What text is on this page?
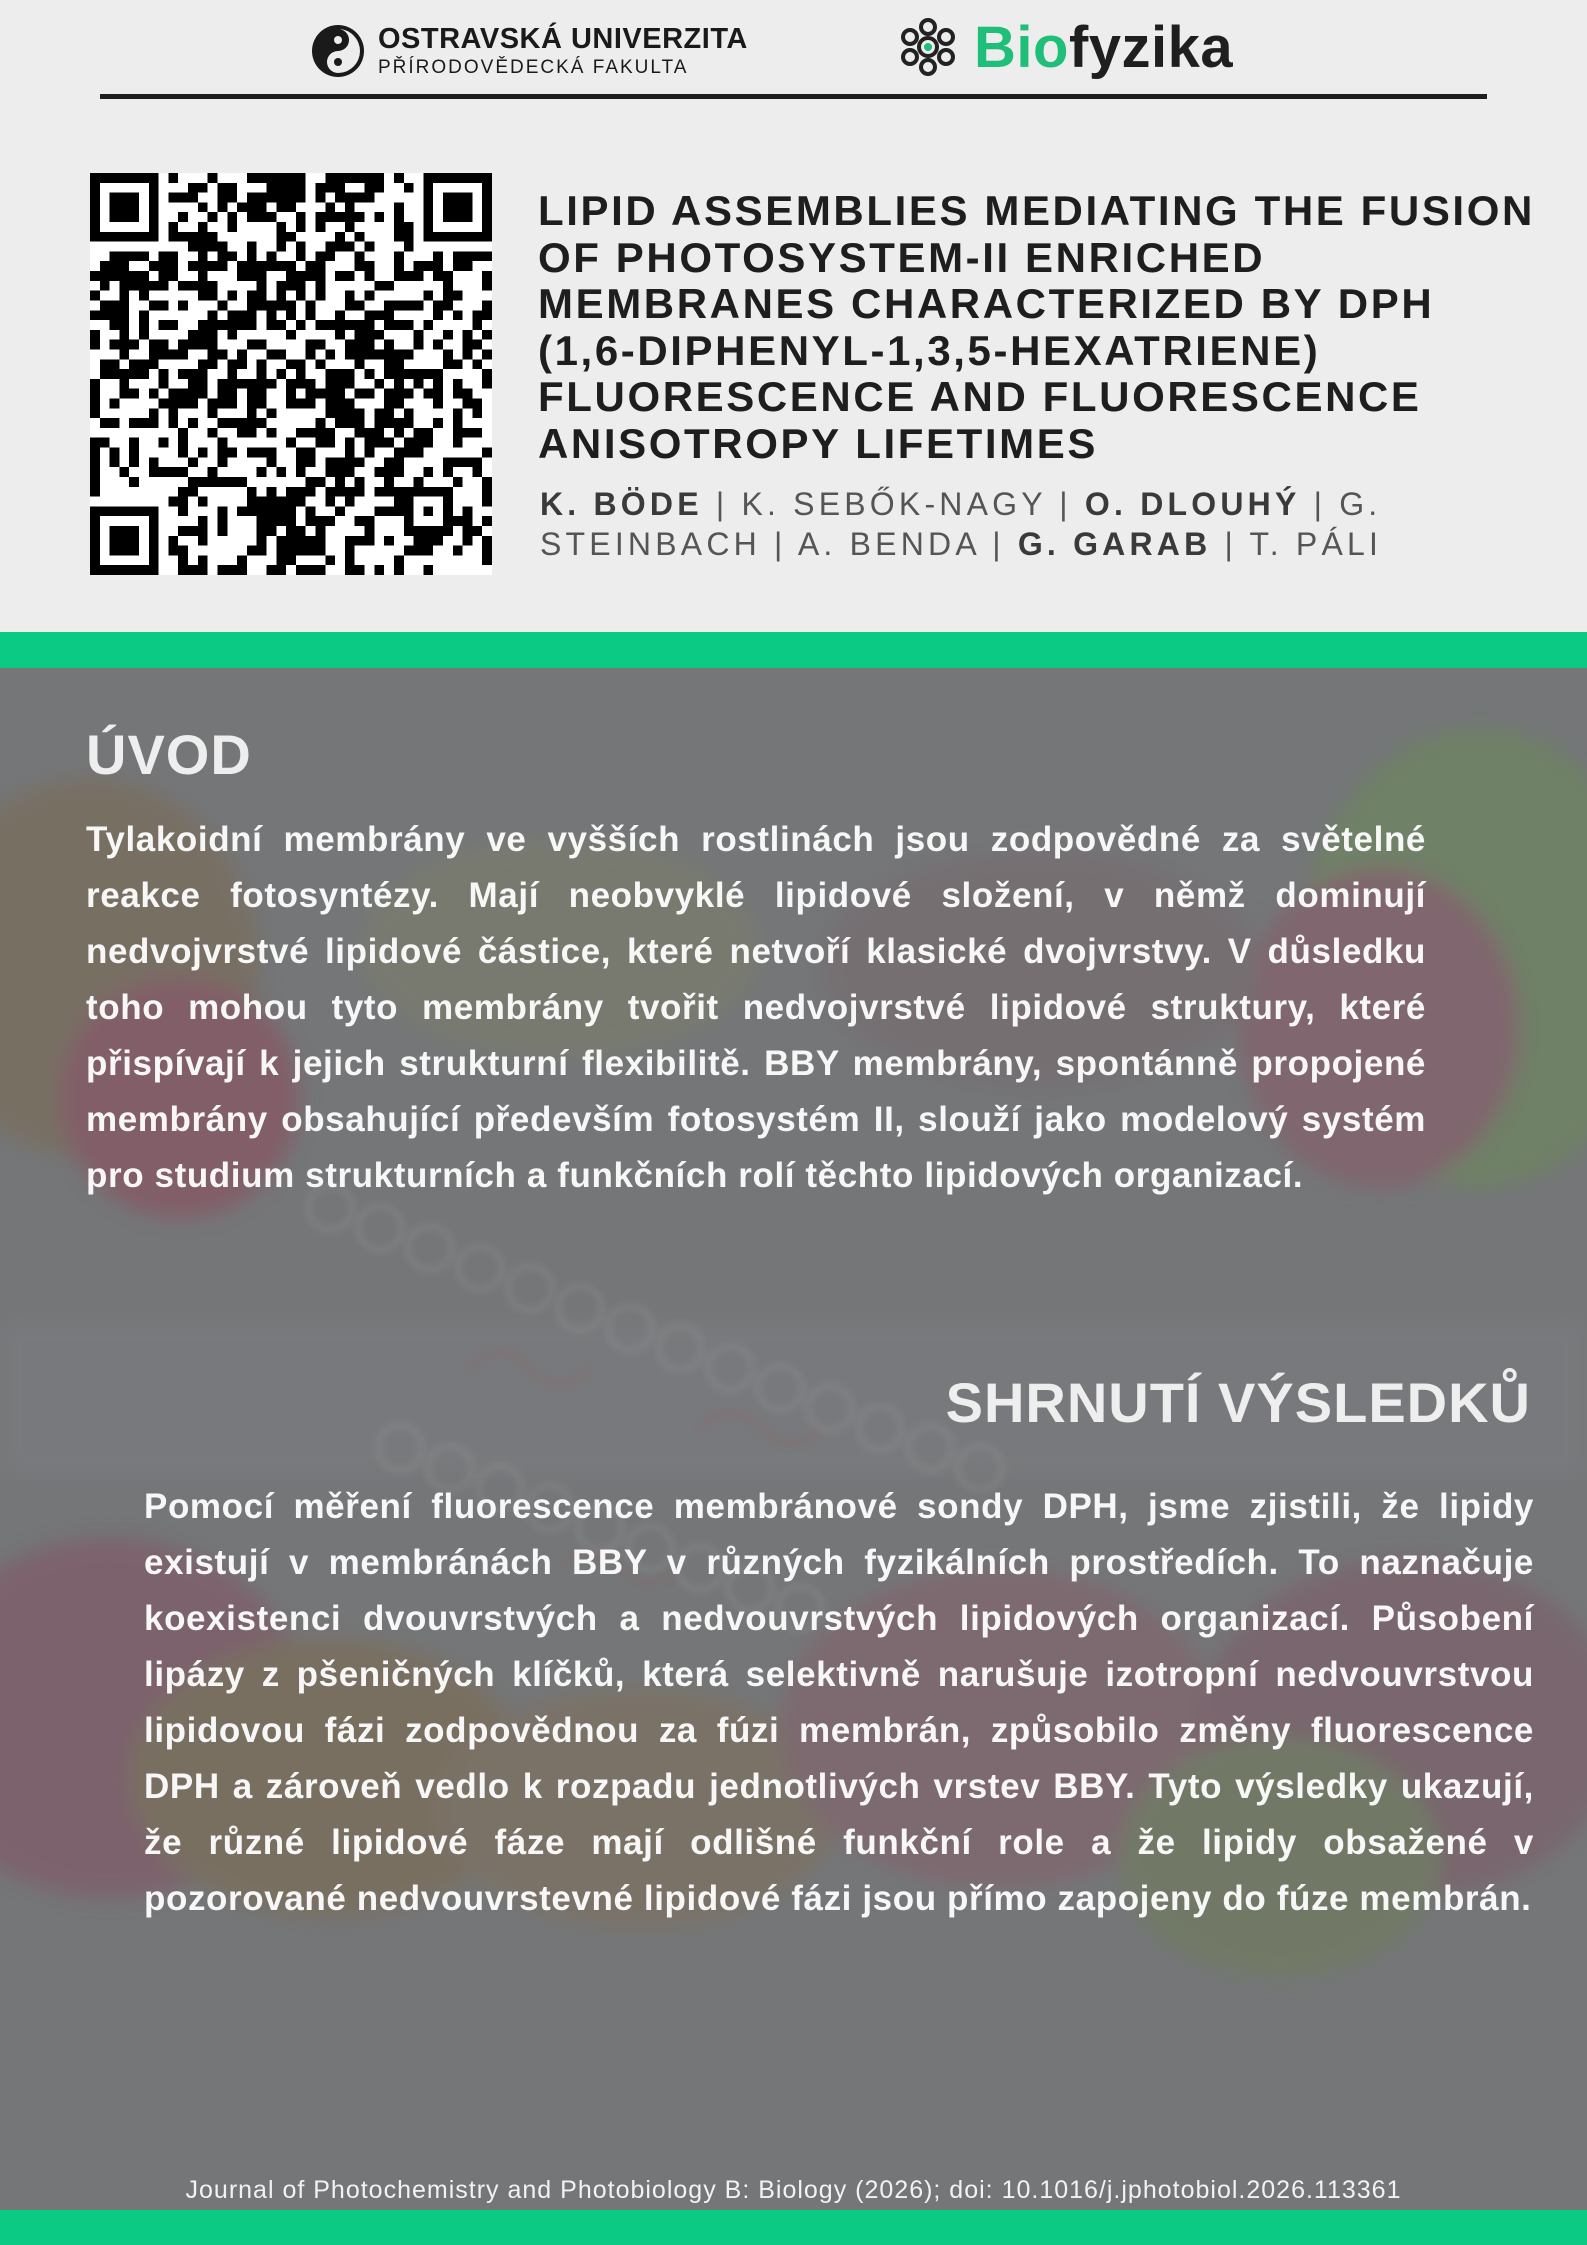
OSTRAVSKÁ UNIVERZITA
PŘÍRODOVĚDECKÁ FAKULTA	Biofyzika
LIPID ASSEMBLIES MEDIATING THE FUSION OF PHOTOSYSTEM-II ENRICHED MEMBRANES CHARACTERIZED BY DPH (1,6-DIPHENYL-1,3,5-HEXATRIENE) FLUORESCENCE AND FLUORESCENCE ANISOTROPY LIFETIMES
K. BÖDE | K. SEBŐK-NAGY | O. DLOUHÝ | G. STEINBACH | A. BENDA | G. GARAB | T. PÁLI
ÚVOD
Tylakoidní membrány ve vyšších rostlinách jsou zodpovědné za světelné reakce fotosyntézy. Mají neobvyklé lipidové složení, v němž dominují nedvojvrstvé lipidové částice, které netvoří klasické dvojvrstvy. V důsledku toho mohou tyto membrány tvořit nedvojvrstvé lipidové struktury, které přispívají k jejich strukturní flexibilitě. BBY membrány, spontánně propojené membrány obsahující především fotosystém II, slouží jako modelový systém pro studium strukturních a funkčních rolí těchto lipidových organizací.
SHRNUTÍ VÝSLEDKŮ
Pomocí měření fluorescence membránové sondy DPH, jsme zjistili, že lipidy existují v membránách BBY v různých fyzikálních prostředích. To naznačuje koexistenci dvouvrstvých a nedvouvrstvých lipidových organizací. Působení lipázy z pšeničných klíčků, která selektivně narušuje izotropní nedvouvrstvou lipidovou fázi zodpovědnou za fúzi membrán, způsobilo změny fluorescence DPH a zároveň vedlo k rozpadu jednotlivých vrstev BBY. Tyto výsledky ukazují, že různé lipidové fáze mají odlišné funkční role a že lipidy obsažené v pozorované nedvouvrstevné lipidové fázi jsou přímo zapojeny do fúze membrán.
Journal of Photochemistry and Photobiology B: Biology (2026); doi: 10.1016/j.jphotobiol.2026.113361
